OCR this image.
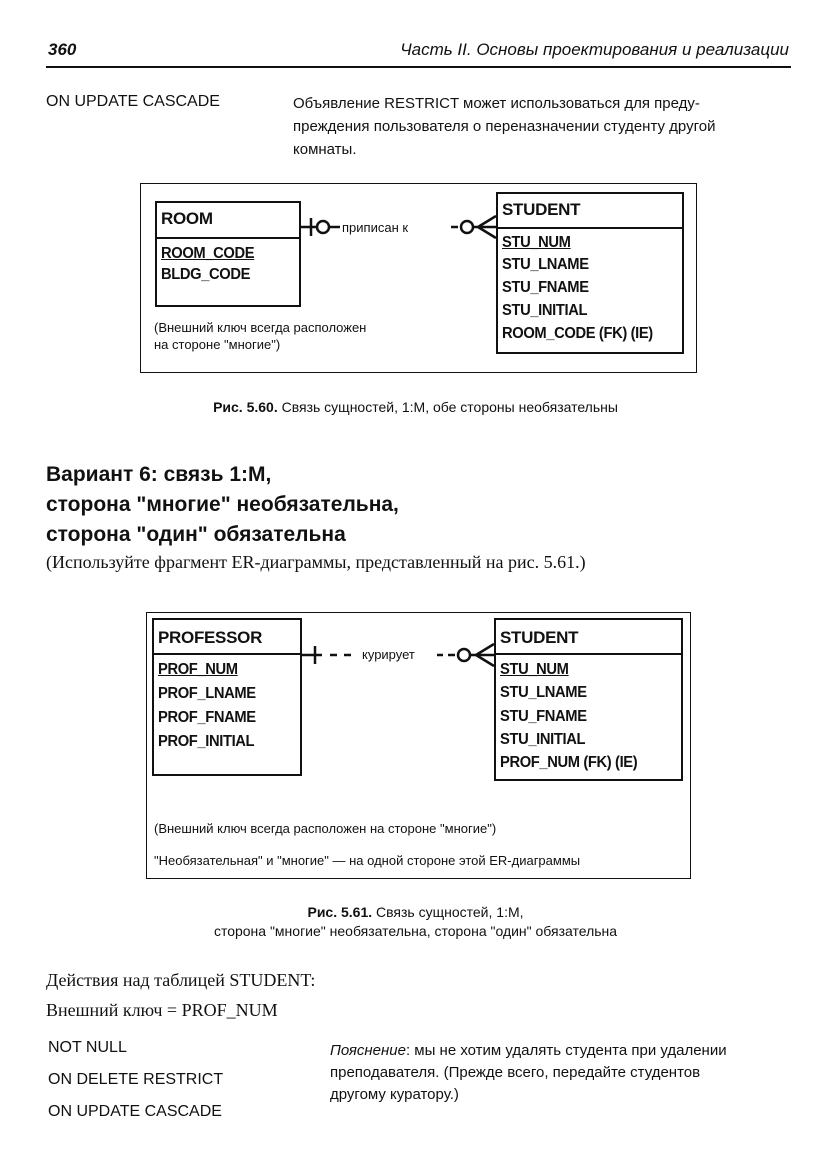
360	Часть II. Основы проектирования и реализации
ON UPDATE CASCADE	Объявление RESTRICT может использоваться для преду-
преждения пользователя о переназначении студенту другой
комнаты.
ROOM
ROOM_CODE
BLDG_CODE
STUDENT
STU_NUM
STU_LNAME
STU_FNAME
STU_INITIAL
ROOM_CODE (FK) (IE)
приписан к
(Внешний ключ всегда расположен
на стороне "многие")
Рис. 5.60. Связь сущностей, 1:M, обе стороны необязательны
Вариант 6: связь 1:M,
сторона "многие" необязательна,
сторона "один" обязательна
(Используйте фрагмент ER-диаграммы, представленный на рис. 5.61.)
PROFESSOR
PROF_NUM
PROF_LNAME
PROF_FNAME
PROF_INITIAL
STUDENT
STU_NUM
STU_LNAME
STU_FNAME
STU_INITIAL
PROF_NUM (FK) (IE)
курирует
(Внешний ключ всегда расположен на стороне "многие")
"Необязательная" и "многие" — на одной стороне этой ER-диаграммы
Рис. 5.61. Связь сущностей, 1:M,
сторона "многие" необязательна, сторона "один" обязательна
Действия над таблицей STUDENT:
Внешний ключ = PROF_NUM
NOT NULL
ON DELETE RESTRICT
ON UPDATE CASCADE
Пояснение: мы не хотим удалять студента при удалении
преподавателя. (Прежде всего, передайте студентов
другому куратору.)
